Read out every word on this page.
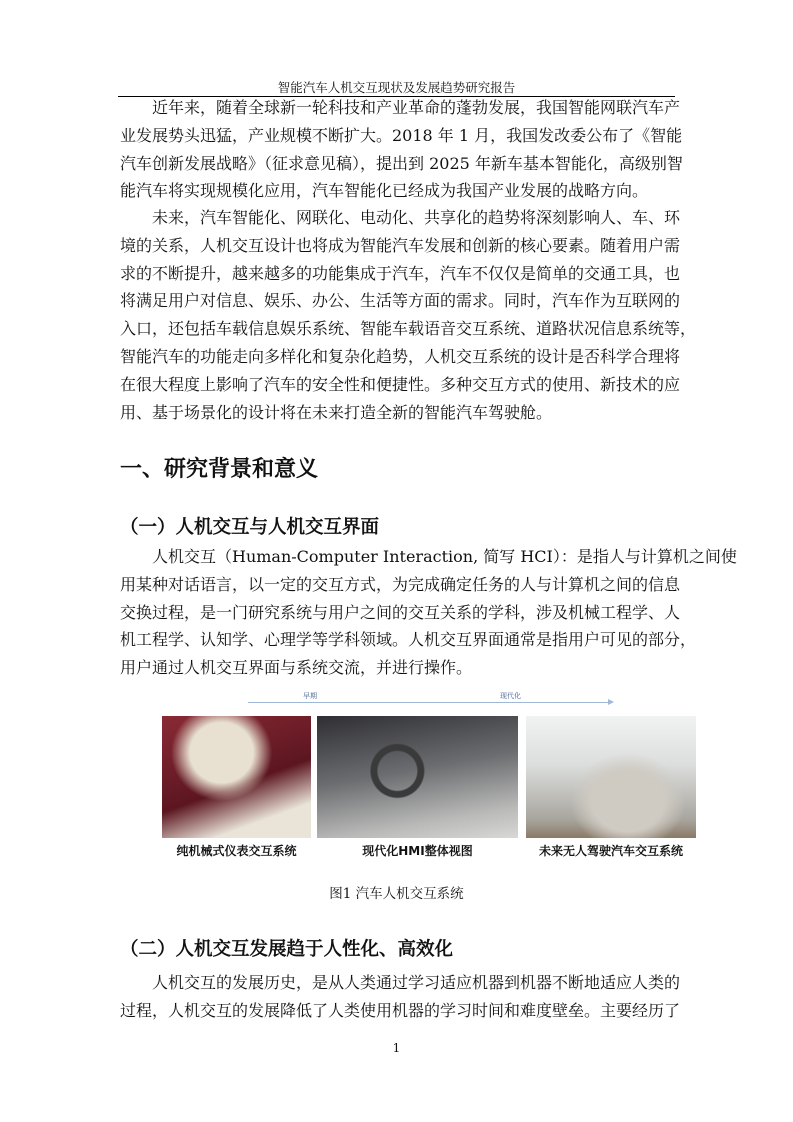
智能汽车人机交互现状及发展趋势研究报告
近年来，随着全球新一轮科技和产业革命的蓬勃发展，我国智能网联汽车产
业发展势头迅猛，产业规模不断扩大。2018 年 1 月，我国发改委公布了《智能
汽车创新发展战略》（征求意见稿），提出到 2025 年新车基本智能化，高级别智
能汽车将实现规模化应用，汽车智能化已经成为我国产业发展的战略方向。
未来，汽车智能化、网联化、电动化、共享化的趋势将深刻影响人、车、环
境的关系，人机交互设计也将成为智能汽车发展和创新的核心要素。随着用户需
求的不断提升，越来越多的功能集成于汽车，汽车不仅仅是简单的交通工具，也
将满足用户对信息、娱乐、办公、生活等方面的需求。同时，汽车作为互联网的
入口，还包括车载信息娱乐系统、智能车载语音交互系统、道路状况信息系统等，
智能汽车的功能走向多样化和复杂化趋势，人机交互系统的设计是否科学合理将
在很大程度上影响了汽车的安全性和便捷性。多种交互方式的使用、新技术的应
用、基于场景化的设计将在未来打造全新的智能汽车驾驶舱。
一、研究背景和意义
（一）人机交互与人机交互界面
人机交互（Human-Computer Interaction, 简写 HCI）：是指人与计算机之间使
用某种对话语言，以一定的交互方式，为完成确定任务的人与计算机之间的信息
交换过程，是一门研究系统与用户之间的交互关系的学科，涉及机械工程学、人
机工程学、认知学、心理学等学科领域。人机交互界面通常是指用户可见的部分，
用户通过人机交互界面与系统交流，并进行操作。
早期	现代化
纯机械式仪表交互系统	现代化HMI整体视图	未来无人驾驶汽车交互系统
图1 汽车人机交互系统
（二）人机交互发展趋于人性化、高效化
人机交互的发展历史，是从人类通过学习适应机器到机器不断地适应人类的
过程，人机交互的发展降低了人类使用机器的学习时间和难度壁垒。主要经历了
1
